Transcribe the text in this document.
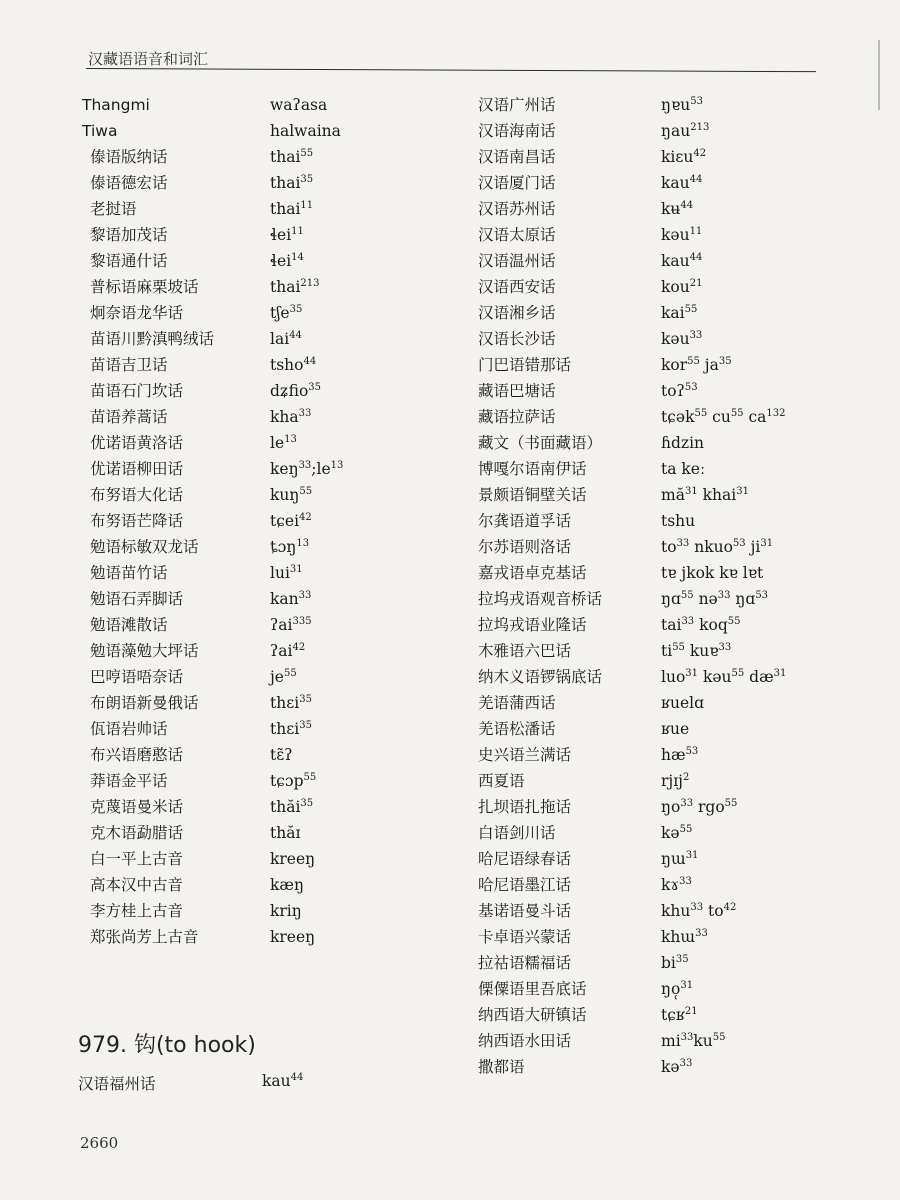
汉藏语语音和词汇
Thangmi	waʔasa
Tiwa	halwaina
傣语版纳话	thai$^{55}$
傣语德宏话	thai$^{35}$
老挝语	thai$^{11}$
黎语加茂话	ɬei$^{11}$
黎语通什话	ɬei$^{14}$
普标语麻栗坡话	thai$^{213}$
炯奈语龙华话	tʃe$^{35}$
苗语川黔滇鸭绒话	lai$^{44}$
苗语吉卫话	tsho$^{44}$
苗语石门坎话	dʑfio$^{35}$
苗语养蒿话	kha$^{33}$
优诺语黄洛话	$le^{13}$
优诺语柳田话	$keŋ^{33};le^{13}$
布努语大化话	kuŋ$^{55}$
布努语芒降话	tɕei$^{42}$
勉语标敏双龙话	ȶɔŋ$^{13}$
勉语苗竹话	lui$^{31}$
勉语石弄脚话	kan$^{33}$
勉语滩散话	ʔai$^{335}$
勉语藻勉大坪话	ʔai$^{42}$
巴哼语唔奈话	$je^{55}$
布朗语新曼俄话	thɛi$^{35}$
佤语岩帅话	thɛi$^{35}$
布兴语磨憨话	tɛ̃ʔ
莽语金平话	tɕɔp$^{55}$
克蔑语曼米话	thăi$^{35}$
克木语勐腊话	thăɪ
白一平上古音	kreeŋ
高本汉中古音	kæŋ
李方桂上古音	kriŋ
郑张尚芳上古音	kreeŋ
汉语广州话	ŋɐu$^{53}$
汉语海南话	ŋau$^{213}$
汉语南昌话	kiɛu$^{42}$
汉语厦门话	kau$^{44}$
汉语苏州话	kʉ$^{44}$
汉语太原话	kəu$^{11}$
汉语温州话	kau$^{44}$
汉语西安话	kou$^{21}$
汉语湘乡话	kai$^{55}$
汉语长沙话	kəu$^{33}$
门巴语错那话	kor$^{55}$ $ja^{35}$
藏语巴塘话	toʔ$^{53}$
藏语拉萨话	tɕək$^{55}$ $cu^{55}$ $ca^{132}$
藏文（书面藏语）	ɦdzin
博嘎尔语南伊话	ta keː
景颇语铜壁关话	$mă^{31}$ khai$^{31}$
尔龚语道孚话	tshu
尔苏语则洛话	$to^{33}$ nkuo$^{53}$ $ji^{31}$
嘉戎语卓克基话	tɐ jkok kɐ lɐt
拉坞戎语观音桥话	ŋɑ$^{55}$ nə$^{33}$ ŋɑ$^{53}$
拉坞戎语业隆话	tai$^{33}$ koq$^{55}$
木雅语六巴话	$ti^{55}$ kuɐ$^{33}$
纳木义语锣锅底话	luo$^{31}$ kəu$^{55}$ $dæ^{31}$
羌语蒲西话	ʁuelɑ
羌语松潘话	ʁue
史兴语兰满话	$hæ^{53}$
西夏语	rjɪj$^2$
扎坝语扎拖话	$ŋo^{33}$ rgo$^{55}$
白语剑川话	kə$^{55}$
哈尼语绿春话	ŋɯ$^{31}$
哈尼语墨江话	kɤ$^{33}$
基诺语曼斗话	khu$^{33}$ $to^{42}$
卡卓语兴蒙话	khɯ$^{33}$
拉祜语糯福话	$bi^{35}$
傈僳语里吾底话	ŋo̜$^{31}$
纳西语大研镇话	tɕʁ$^{21}$
纳西语水田话	$mi^{33}ku^{55}$
撒都语	kə$^{33}$
979. 钩(to hook)
汉语福州话	kau$^{44}$
2660
